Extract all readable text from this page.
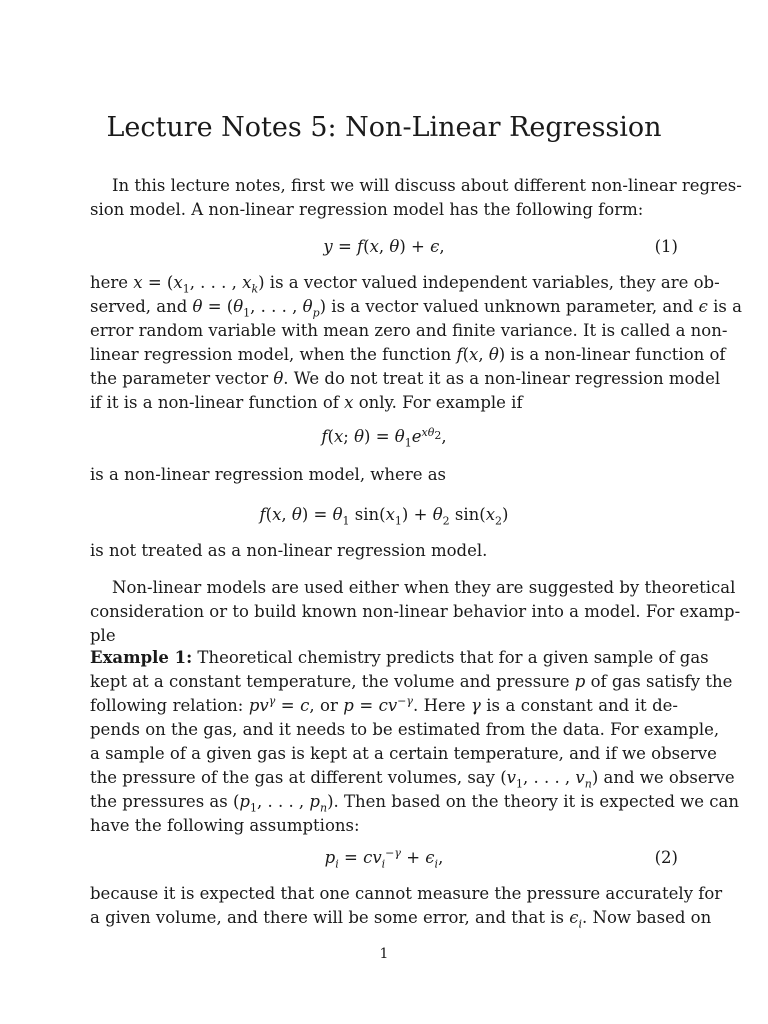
Lecture Notes 5: Non-Linear Regression
In this lecture notes, first we will discuss about different non-linear regres-
sion model. A non-linear regression model has the following form:
y = f(x, θ) + ϵ,	(1)
here $x = (x_1$, . . . , $x_k$) is a vector valued independent variables, they are ob-
served, and $\theta = (\theta_1$, . . . , $\theta_p$) is a vector valued unknown parameter, and ϵ is a
error random variable with mean zero and finite variance. It is called a non-
linear regression model, when the function f(x, θ) is a non-linear function of
the parameter vector θ. We do not treat it as a non-linear regression model
if it is a non-linear function of x only. For example if
f(x; $\theta) = \theta_1e^{x\theta_2}$,
is a non-linear regression model, where as
f(x, $\theta) = \theta_1$ $\sin(x_1) + \theta_2$ $\sin(x_2)$
is not treated as a non-linear regression model.
Non-linear models are used either when they are suggested by theoretical
consideration or to build known non-linear behavior into a model. For examp-
ple
Example 1: Theoretical chemistry predicts that for a given sample of gas
kept at a constant temperature, the volume and pressure p of gas satisfy the
following relation: $pv^\gamma = c$, or $p = cv^{-\gamma}$. Here γ is a constant and it de-
pends on the gas, and it needs to be estimated from the data. For example,
a sample of a given gas is kept at a certain temperature, and if we observe
the pressure of the gas at different volumes, say ($v_1$, . . . , $v_n$) and we observe
the pressures as ($p_1$, . . . , $p_n$). Then based on the theory it is expected we can
have the following assumptions:
$p_i = cv_i^{-\gamma} + \epsilon_i$,	(2)
because it is expected that one cannot measure the pressure accurately for
a given volume, and there will be some error, and that is $\epsilon_i$. Now based on
1
